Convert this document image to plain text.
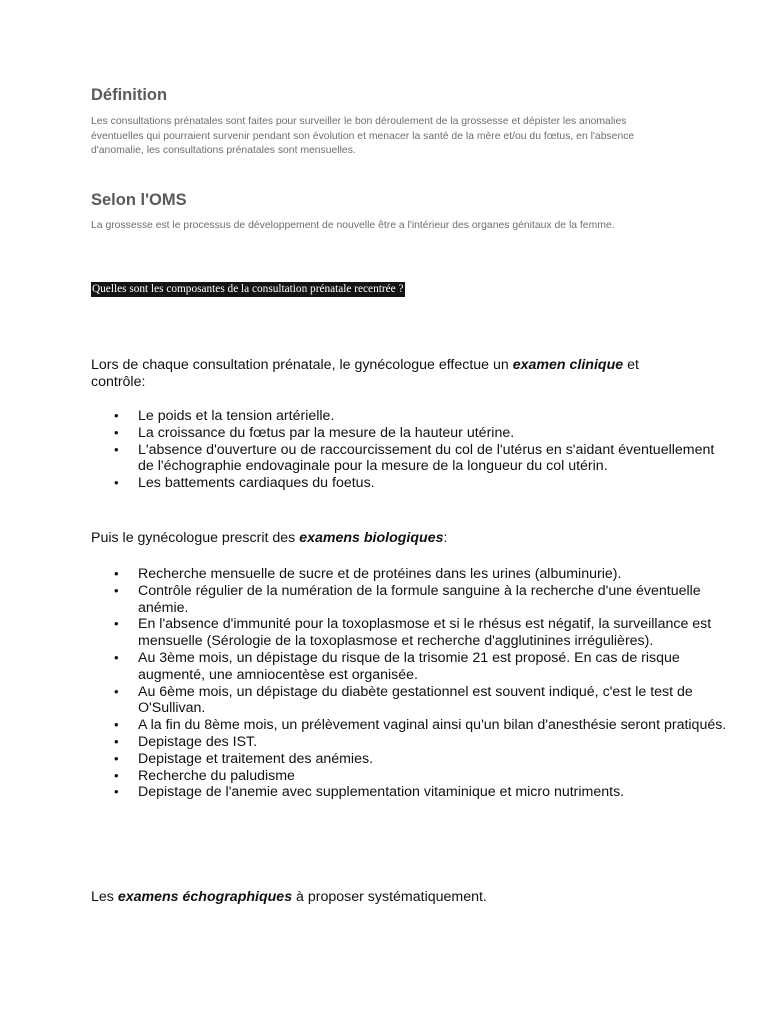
Définition
Les consultations prénatales sont faites pour surveiller le bon déroulement de la grossesse et dépister les anomalies éventuelles qui pourraient survenir pendant son évolution et menacer la santé de la mère et/ou du fœtus, en l'absence d'anomalie, les consultations prénatales sont mensuelles.
Selon l'OMS
La grossesse est le processus de développement de nouvelle être a l'intérieur des organes génitaux de la femme.
Quelles sont les composantes de la consultation prénatale recentrée ?
Lors de chaque consultation prénatale, le gynécologue effectue un examen clinique et contrôle:
• Le poids et la tension artérielle.
• La croissance du fœtus par la mesure de la hauteur utérine.
• L'absence d'ouverture ou de raccourcissement du col de l'utérus en s'aidant éventuellement de l'échographie endovaginale pour la mesure de la longueur du col utérin.
• Les battements cardiaques du foetus.
Puis le gynécologue prescrit des examens biologiques:
• Recherche mensuelle de sucre et de protéines dans les urines (albuminurie).
• Contrôle régulier de la numération de la formule sanguine à la recherche d'une éventuelle anémie.
• En l'absence d'immunité pour la toxoplasmose et si le rhésus est négatif, la surveillance est mensuelle (Sérologie de la toxoplasmose et recherche d'agglutinines irrégulières).
• Au 3ème mois, un dépistage du risque de la trisomie 21 est proposé. En cas de risque augmenté, une amniocentèse est organisée.
• Au 6ème mois, un dépistage du diabète gestationnel est souvent indiqué, c'est le test de O'Sullivan.
• A la fin du 8ème mois, un prélèvement vaginal ainsi qu'un bilan d'anesthésie seront pratiqués.
• Depistage des IST.
• Depistage et traitement des anémies.
• Recherche du paludisme
• Depistage de l'anemie avec supplementation vitaminique et micro nutriments.
Les examens échographiques à proposer systématiquement.
